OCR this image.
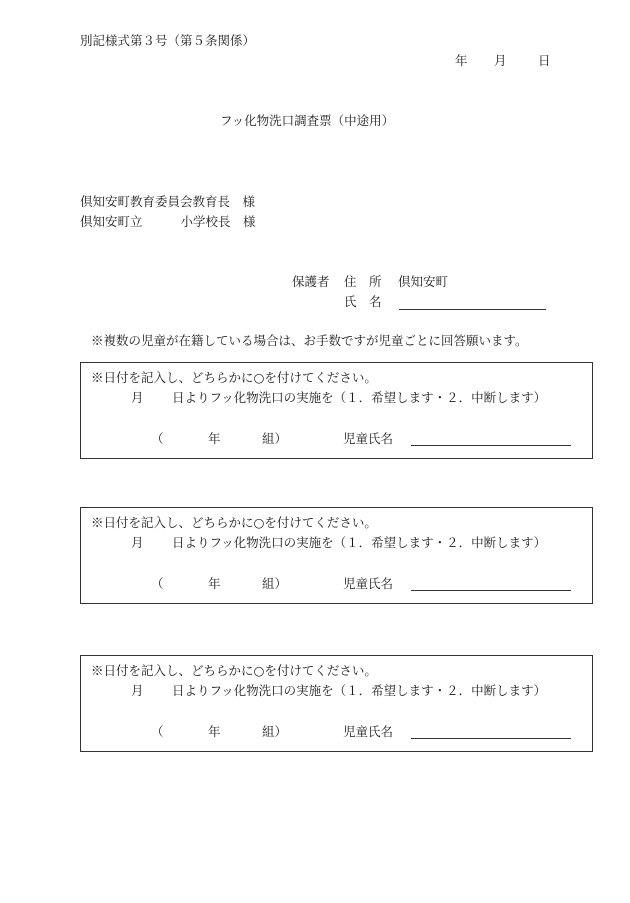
別記様式第３号（第５条関係）
年 月	日
フッ化物洗口調査票（中途用）
倶知安町教育委員会教育長　様
倶知安町立	小学校長　様
保護者 住　所 倶知安町
氏　名
※複数の児童が在籍している場合は、お手数ですが児童ごとに回答願います。
※日付を記入し、どちらかに○を付けてください。
月 日よりフッ化物洗口の実施を（１．希望します・２．中断します）
（	年	組）	児童氏名
※日付を記入し、どちらかに○を付けてください。
月 日よりフッ化物洗口の実施を（１．希望します・２．中断します）
（	年	組）	児童氏名
※日付を記入し、どちらかに○を付けてください。
月 日よりフッ化物洗口の実施を（１．希望します・２．中断します）
（	年	組）	児童氏名
